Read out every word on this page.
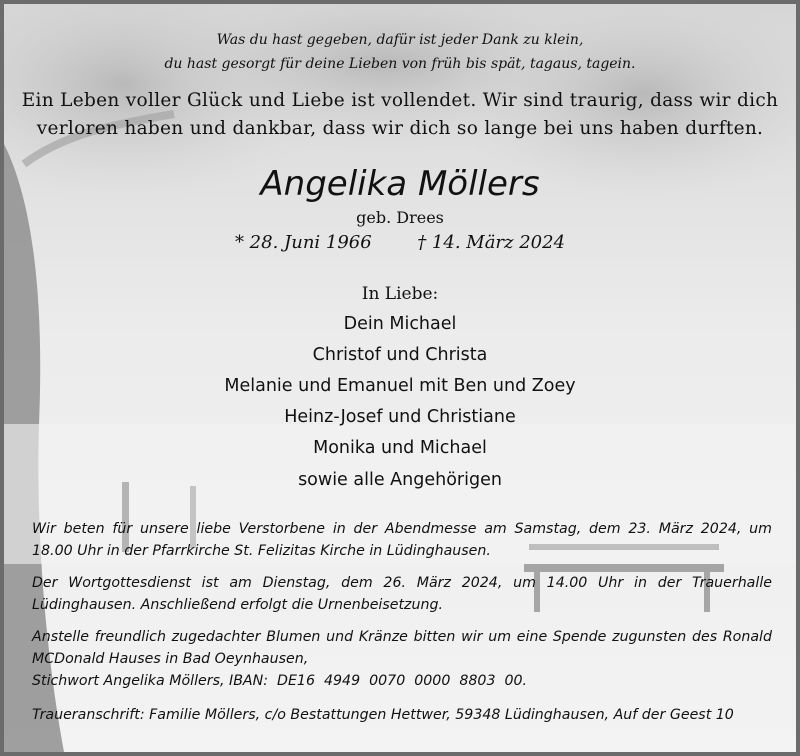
Was du hast gegeben, dafür ist jeder Dank zu klein,
du hast gesorgt für deine Lieben von früh bis spät, tagaus, tagein.
Ein Leben voller Glück und Liebe ist vollendet. Wir sind traurig, dass wir dich
verloren haben und dankbar, dass wir dich so lange bei uns haben durften.
Angelika Möllers
geb. Drees
* 28. Juni 1966	† 14. März 2024
In Liebe:
Dein Michael
Christof und Christa
Melanie und Emanuel mit Ben und Zoey
Heinz-Josef und Christiane
Monika und Michael
sowie alle Angehörigen
Wir beten für unsere liebe Verstorbene in der Abendmesse am Samstag, dem 23. März 2024, um
18.00 Uhr in der Pfarrkirche St. Felizitas Kirche in Lüdinghausen.
Der Wortgottesdienst ist am Dienstag, dem 26. März 2024, um 14.00 Uhr in der Trauerhalle
Lüdinghausen. Anschließend erfolgt die Urnenbeisetzung.
Anstelle freundlich zugedachter Blumen und Kränze bitten wir um eine Spende zugunsten des Ronald
MCDonald Hauses in Bad Oeynhausen,
Stichwort Angelika Möllers, IBAN:  DE16  4949  0070  0000  8803  00.
Traueranschrift: Familie Möllers, c/o Bestattungen Hettwer, 59348 Lüdinghausen, Auf der Geest 10
